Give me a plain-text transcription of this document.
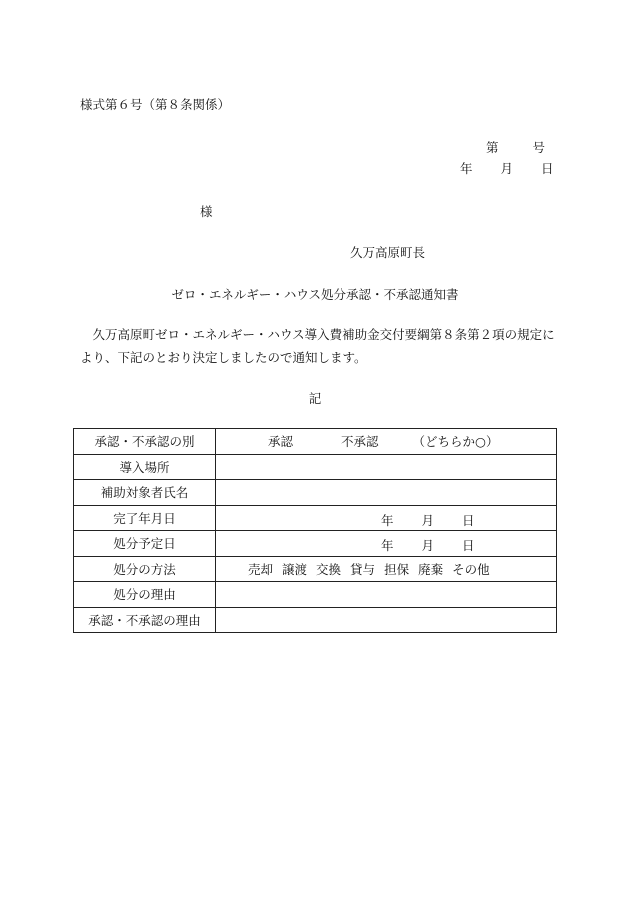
様式第６号（第８条関係）
第 号
年 月 日
様
久万高原町長
ゼロ・エネルギー・ハウス処分承認・不承認通知書
久万高原町ゼロ・エネルギー・ハウス導入費補助金交付要綱第８条第２項の規定により、下記のとおり決定しましたので通知します。
記
承認・不承認の別	承認 不承認 （どちらか○）
導入場所	
補助対象者氏名	
完了年月日	年 月 日

処分予定日	年 月 日

処分の方法	売却 譲渡 交換 貸与 担保 廃棄 その他
処分の理由	
承認・不承認の理由	
